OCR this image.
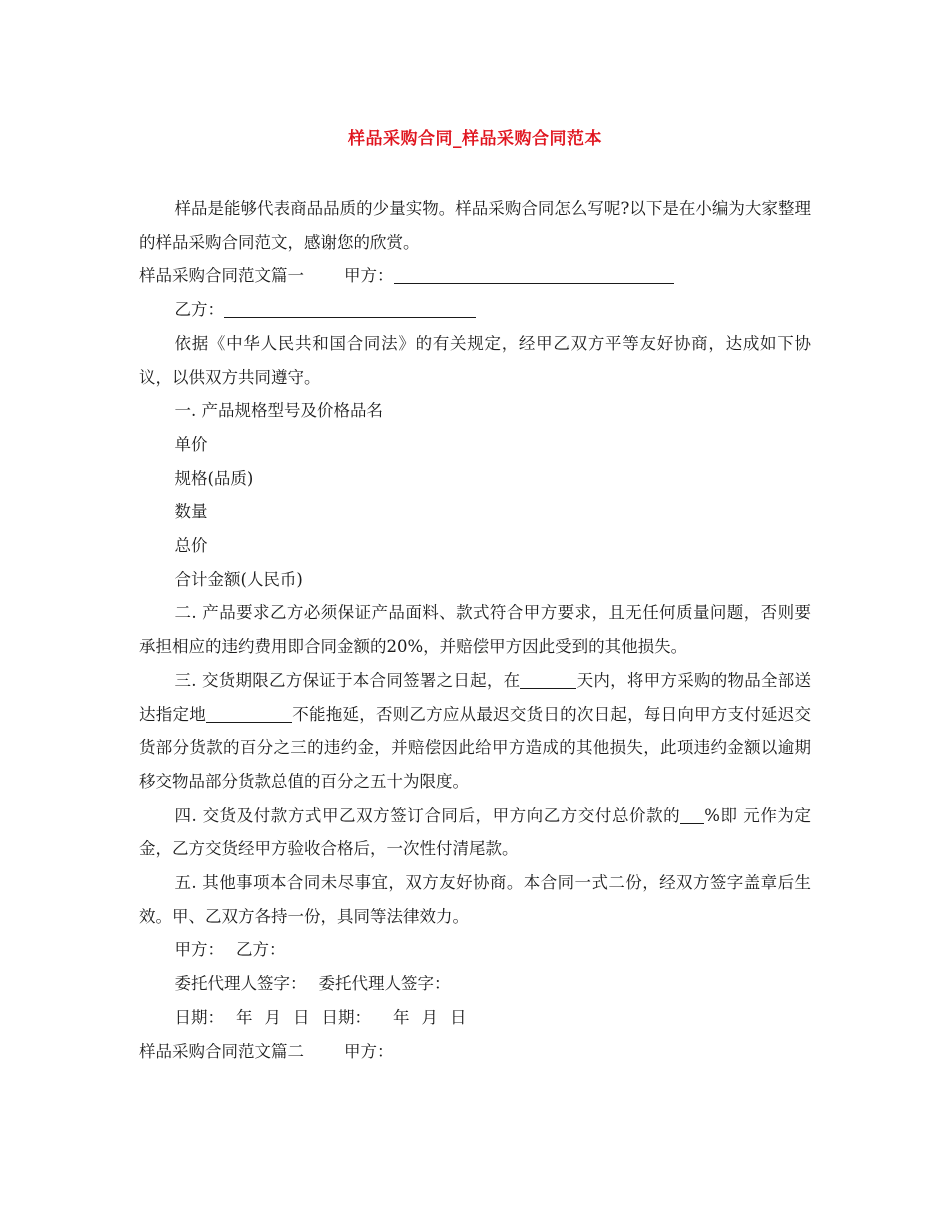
样品采购合同_样品采购合同范本

样品是能够代表商品品质的少量实物。样品采购合同怎么写呢?以下是在小编为大家整理的样品采购合同范文，感谢您的欣赏。

样品采购合同范文篇一 甲方：

乙方：

依据《中华人民共和国合同法》的有关规定，经甲乙双方平等友好协商，达成如下协议，以供双方共同遵守。

一. 产品规格型号及价格品名

单价

规格(品质)

数量

总价

合计金额(人民币)

二. 产品要求乙方必须保证产品面料、款式符合甲方要求，且无任何质量问题，否则要承担相应的违约费用即合同金额的20%，并赔偿甲方因此受到的其他损失。

三. 交货期限乙方保证于本合同签署之日起，在	天内，将甲方采购的物品全部送达指定地	不能拖延，否则乙方应从最迟交货日的次日起，每日向甲方支付延迟交货部分货款的百分之三的违约金，并赔偿因此给甲方造成的其他损失，此项违约金额以逾期移交物品部分货款总值的百分之五十为限度。

四. 交货及付款方式甲乙双方签订合同后，甲方向乙方交付总价款的 %即 元作为定金，乙方交货经甲方验收合格后，一次性付清尾款。

五. 其他事项本合同未尽事宜，双方友好协商。本合同一式二份，经双方签字盖章后生效。甲、乙双方各持一份，具同等法律效力。

甲方： 乙方：

委托代理人签字： 委托代理人签字：

日期： 年 月 日 日期： 年 月 日

样品采购合同范文篇二 甲方：
